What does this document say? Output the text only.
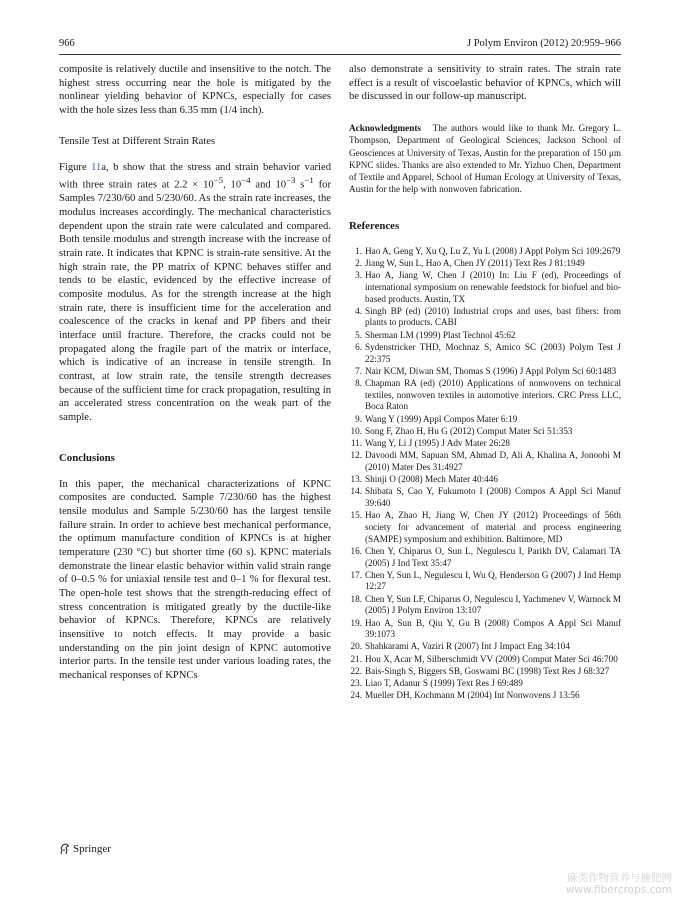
966	J Polym Environ (2012) 20:959–966

composite is relatively ductile and insensitive to the notch. The highest stress occurring near the hole is mitigated by the nonlinear yielding behavior of KPNCs, especially for cases with the hole sizes less than 6.35 mm (1/4 inch).

Tensile Test at Different Strain Rates

Figure 11a, b show that the stress and strain behavior varied with three strain rates at $2.2 \times 10^{-5}$, $10^{-4}$ and $10^{-3}$ $s^{-1}$ for Samples 7/230/60 and 5/230/60. As the strain rate increases, the modulus increases accordingly. The mechanical characteristics dependent upon the strain rate were calculated and compared. Both tensile modulus and strength increase with the increase of strain rate. It indicates that KPNC is strain-rate sensitive. At the high strain rate, the PP matrix of KPNC behaves stiffer and tends to be elastic, evidenced by the effective increase of composite modulus. As for the strength increase at the high strain rate, there is insufficient time for the acceleration and coalescence of the cracks in kenaf and PP fibers and their interface until fracture. Therefore, the cracks could not be propagated along the fragile part of the matrix or interface, which is indicative of an increase in tensile strength. In contrast, at low strain rate, the tensile strength decreases because of the sufficient time for crack propagation, resulting in an accelerated stress concentration on the weak part of the sample.

Conclusions

In this paper, the mechanical characterizations of KPNC composites are conducted. Sample 7/230/60 has the highest tensile modulus and Sample 5/230/60 has the largest tensile failure strain. In order to achieve best mechanical performance, the optimum manufacture condition of KPNCs is at higher temperature (230 °C) but shorter time (60 s). KPNC materials demonstrate the linear elastic behavior within valid strain range of 0–0.5 % for uniaxial tensile test and 0–1 % for flexural test. The open-hole test shows that the strength-reducing effect of stress concentration is mitigated greatly by the ductile-like behavior of KPNCs. Therefore, KPNCs are relatively insensitive to notch effects. It may provide a basic understanding on the pin joint design of KPNC automotive interior parts. In the tensile test under various loading rates, the mechanical responses of KPNCs

also demonstrate a sensitivity to strain rates. The strain rate effect is a result of viscoelastic behavior of KPNCs, which will be discussed in our follow-up manuscript.

Acknowledgments The authors would like to thank Mr. Gregory L. Thompson, Department of Geological Sciences, Jackson School of Geosciences at University of Texas, Austin for the preparation of 150 μm KPNC slides. Thanks are also extended to Mr. Yizhuo Chen, Department of Textile and Apparel, School of Human Ecology at University of Texas, Austin for the help with nonwoven fabrication.

References
1. Hao A, Geng Y, Xu Q, Lu Z, Yu L (2008) J Appl Polym Sci 109:2679
2. Jiang W, Sun L, Hao A, Chen JY (2011) Text Res J 81:1949
3. Hao A, Jiang W, Chen J (2010) In: Liu F (ed), Proceedings of international symposium on renewable feedstock for biofuel and bio-based products. Austin, TX
4. Singh BP (ed) (2010) Industrial crops and uses, bast fibers: from plants to products. CABI
5. Sherman LM (1999) Plast Technol 45:62
6. Sydenstricker THD, Mochnaz S, Amico SC (2003) Polym Test J 22:375
7. Nair KCM, Diwan SM, Thomas S (1996) J Appl Polym Sci 60:1483
8. Chapman RA (ed) (2010) Applications of nonwovens on technical textiles, nonwoven textiles in automotive interiors. CRC Press LLC, Boca Raton
9. Wang Y (1999) Appl Compos Mater 6:19
10. Song F, Zhao H, Hu G (2012) Comput Mater Sci 51:353
11. Wang Y, Li J (1995) J Adv Mater 26:28
12. Davoodi MM, Sapuan SM, Ahmad D, Ali A, Khalina A, Jonoobi M (2010) Mater Des 31:4927
13. Shinji O (2008) Mech Mater 40:446
14. Shibata S, Cao Y, Fukumoto I (2008) Compos A Appl Sci Manuf 39:640
15. Hao A, Zhao H, Jiang W, Chen JY (2012) Proceedings of 56th society for advancement of material and process engineering (SAMPE) symposium and exhibition. Baltimore, MD
16. Chen Y, Chiparus O, Sun L, Negulescu I, Parikh DV, Calamari TA (2005) J Ind Text 35:47
17. Chen Y, Sun L, Negulescu I, Wu Q, Henderson G (2007) J Ind Hemp 12:27
18. Chen Y, Sun LF, Chiparus O, Negulescu I, Yachmenev V, Warnock M (2005) J Polym Environ 13:107
19. Hao A, Sun B, Qiu Y, Gu B (2008) Compos A Appl Sci Manuf 39:1073
20. Shahkarami A, Vaziri R (2007) Int J Impact Eng 34:104
21. Hou X, Acar M, Silberschmidt VV (2009) Comput Mater Sci 46:700
22. Bais-Singh S, Biggers SB, Goswami BC (1998) Text Res J 68:327
23. Liao T, Adanur S (1999) Text Res J 69:489
24. Mueller DH, Kochmann M (2004) Int Nonwovens J 13:56
Springer
麻类作物营养与施肥网
www.fibercrops.com
